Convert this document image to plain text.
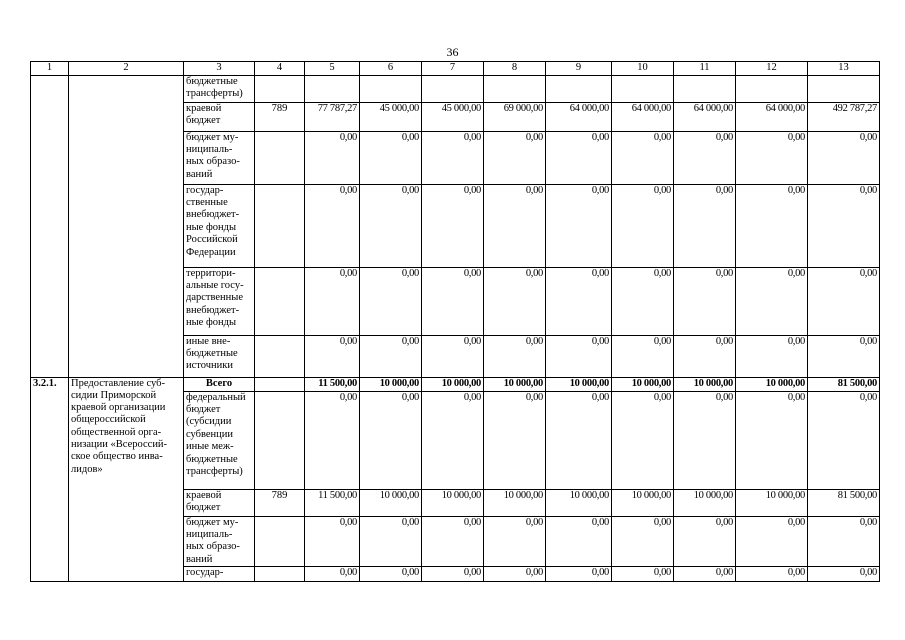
36
1	2	3	4	5	6	7	8	9	10	11	12	13
		бюджетные трансферты)										
		краевой бюджет	789	77 787,27	45 000,00	45 000,00	69 000,00	64 000,00	64 000,00	64 000,00	64 000,00	492 787,27
		бюджет му- ниципаль- ных образо- ваний		0,00	0,00	0,00	0,00	0,00	0,00	0,00	0,00	0,00
		государ- ственные внебюджет- ные фонды Российской Федерации		0,00	0,00	0,00	0,00	0,00	0,00	0,00	0,00	0,00
		территори- альные госу- дарственные внебюджет- ные фонды		0,00	0,00	0,00	0,00	0,00	0,00	0,00	0,00	0,00
		иные вне- бюджетные источники		0,00	0,00	0,00	0,00	0,00	0,00	0,00	0,00	0,00
3.2.1.	Предоставление суб- сидии Приморской краевой организации общероссийской общественной орга- низации «Всероссий- ское общество инва- лидов»	Всего		11 500,00	10 000,00	10 000,00	10 000,00	10 000,00	10 000,00	10 000,00	10 000,00	81 500,00
		федеральный бюджет (субсидии субвенции иные меж- бюджетные трансферты)		0,00	0,00	0,00	0,00	0,00	0,00	0,00	0,00	0,00
		краевой бюджет	789	11 500,00	10 000,00	10 000,00	10 000,00	10 000,00	10 000,00	10 000,00	10 000,00	81 500,00
		бюджет му- ниципаль- ных образо- ваний		0,00	0,00	0,00	0,00	0,00	0,00	0,00	0,00	0,00
		государ-		0,00	0,00	0,00	0,00	0,00	0,00	0,00	0,00	0,00
